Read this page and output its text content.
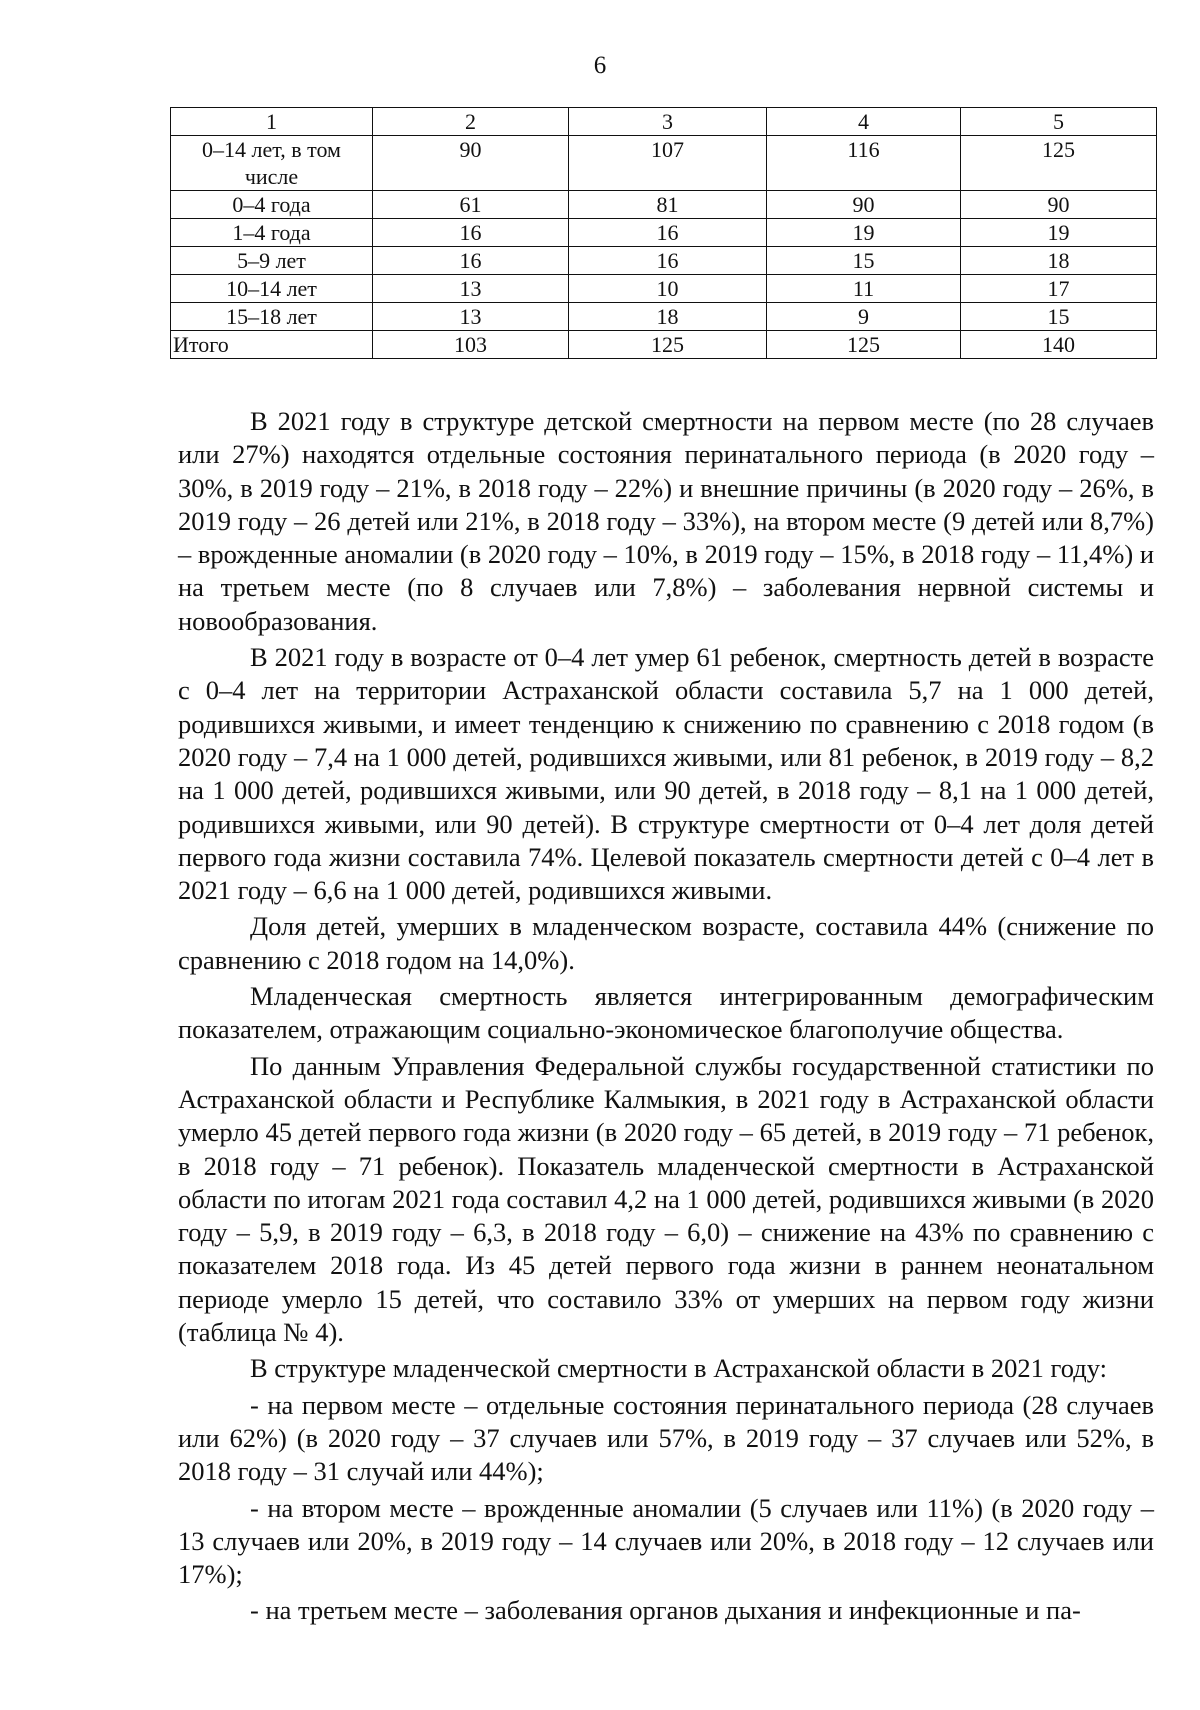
6
1	2	3	4	5
0–14 лет, в том числе	90	107	116	125
0–4 года	61	81	90	90
1–4 года	16	16	19	19
5–9 лет	16	16	15	18
10–14 лет	13	10	11	17
15–18 лет	13	18	9	15
Итого	103	125	125	140

В 2021 году в структуре детской смертности на первом месте (по 28 случаев или 27%) находятся отдельные состояния перинатального периода (в 2020 году – 30%, в 2019 году – 21%, в 2018 году – 22%) и внешние причины (в 2020 году – 26%, в 2019 году – 26 детей или 21%, в 2018 году – 33%), на втором месте (9 детей или 8,7%) – врожденные аномалии (в 2020 году – 10%, в 2019 году – 15%, в 2018 году – 11,4%) и на третьем месте (по 8 случаев или 7,8%) – заболевания нервной системы и новообразования.

В 2021 году в возрасте от 0–4 лет умер 61 ребенок, смертность детей в возрасте с 0–4 лет на территории Астраханской области составила 5,7 на 1 000 детей, родившихся живыми, и имеет тенденцию к снижению по сравнению с 2018 годом (в 2020 году – 7,4 на 1 000 детей, родившихся живыми, или 81 ребенок, в 2019 году – 8,2 на 1 000 детей, родившихся живыми, или 90 детей, в 2018 году – 8,1 на 1 000 детей, родившихся живыми, или 90 детей). В структуре смертности от 0–4 лет доля детей первого года жизни составила 74%. Целевой показатель смертности детей с 0–4 лет в 2021 году – 6,6 на 1 000 детей, родившихся живыми.

Доля детей, умерших в младенческом возрасте, составила 44% (снижение по сравнению с 2018 годом на 14,0%).

Младенческая смертность является интегрированным демографическим показателем, отражающим социально-экономическое благополучие общества.

По данным Управления Федеральной службы государственной статистики по Астраханской области и Республике Калмыкия, в 2021 году в Астраханской области умерло 45 детей первого года жизни (в 2020 году – 65 детей, в 2019 году – 71 ребенок, в 2018 году – 71 ребенок). Показатель младенческой смертности в Астраханской области по итогам 2021 года составил 4,2 на 1 000 детей, родившихся живыми (в 2020 году – 5,9, в 2019 году – 6,3, в 2018 году – 6,0) – снижение на 43% по сравнению с показателем 2018 года. Из 45 детей первого года жизни в раннем неонатальном периоде умерло 15 детей, что составило 33% от умерших на первом году жизни (таблица № 4).

В структуре младенческой смертности в Астраханской области в 2021 году:

- на первом месте – отдельные состояния перинатального периода (28 случаев или 62%) (в 2020 году – 37 случаев или 57%, в 2019 году – 37 случаев или 52%, в 2018 году – 31 случай или 44%);

- на втором месте – врожденные аномалии (5 случаев или 11%) (в 2020 году – 13 случаев или 20%, в 2019 году – 14 случаев или 20%, в 2018 году – 12 случаев или 17%);

- на третьем месте – заболевания органов дыхания и инфекционные и па-
